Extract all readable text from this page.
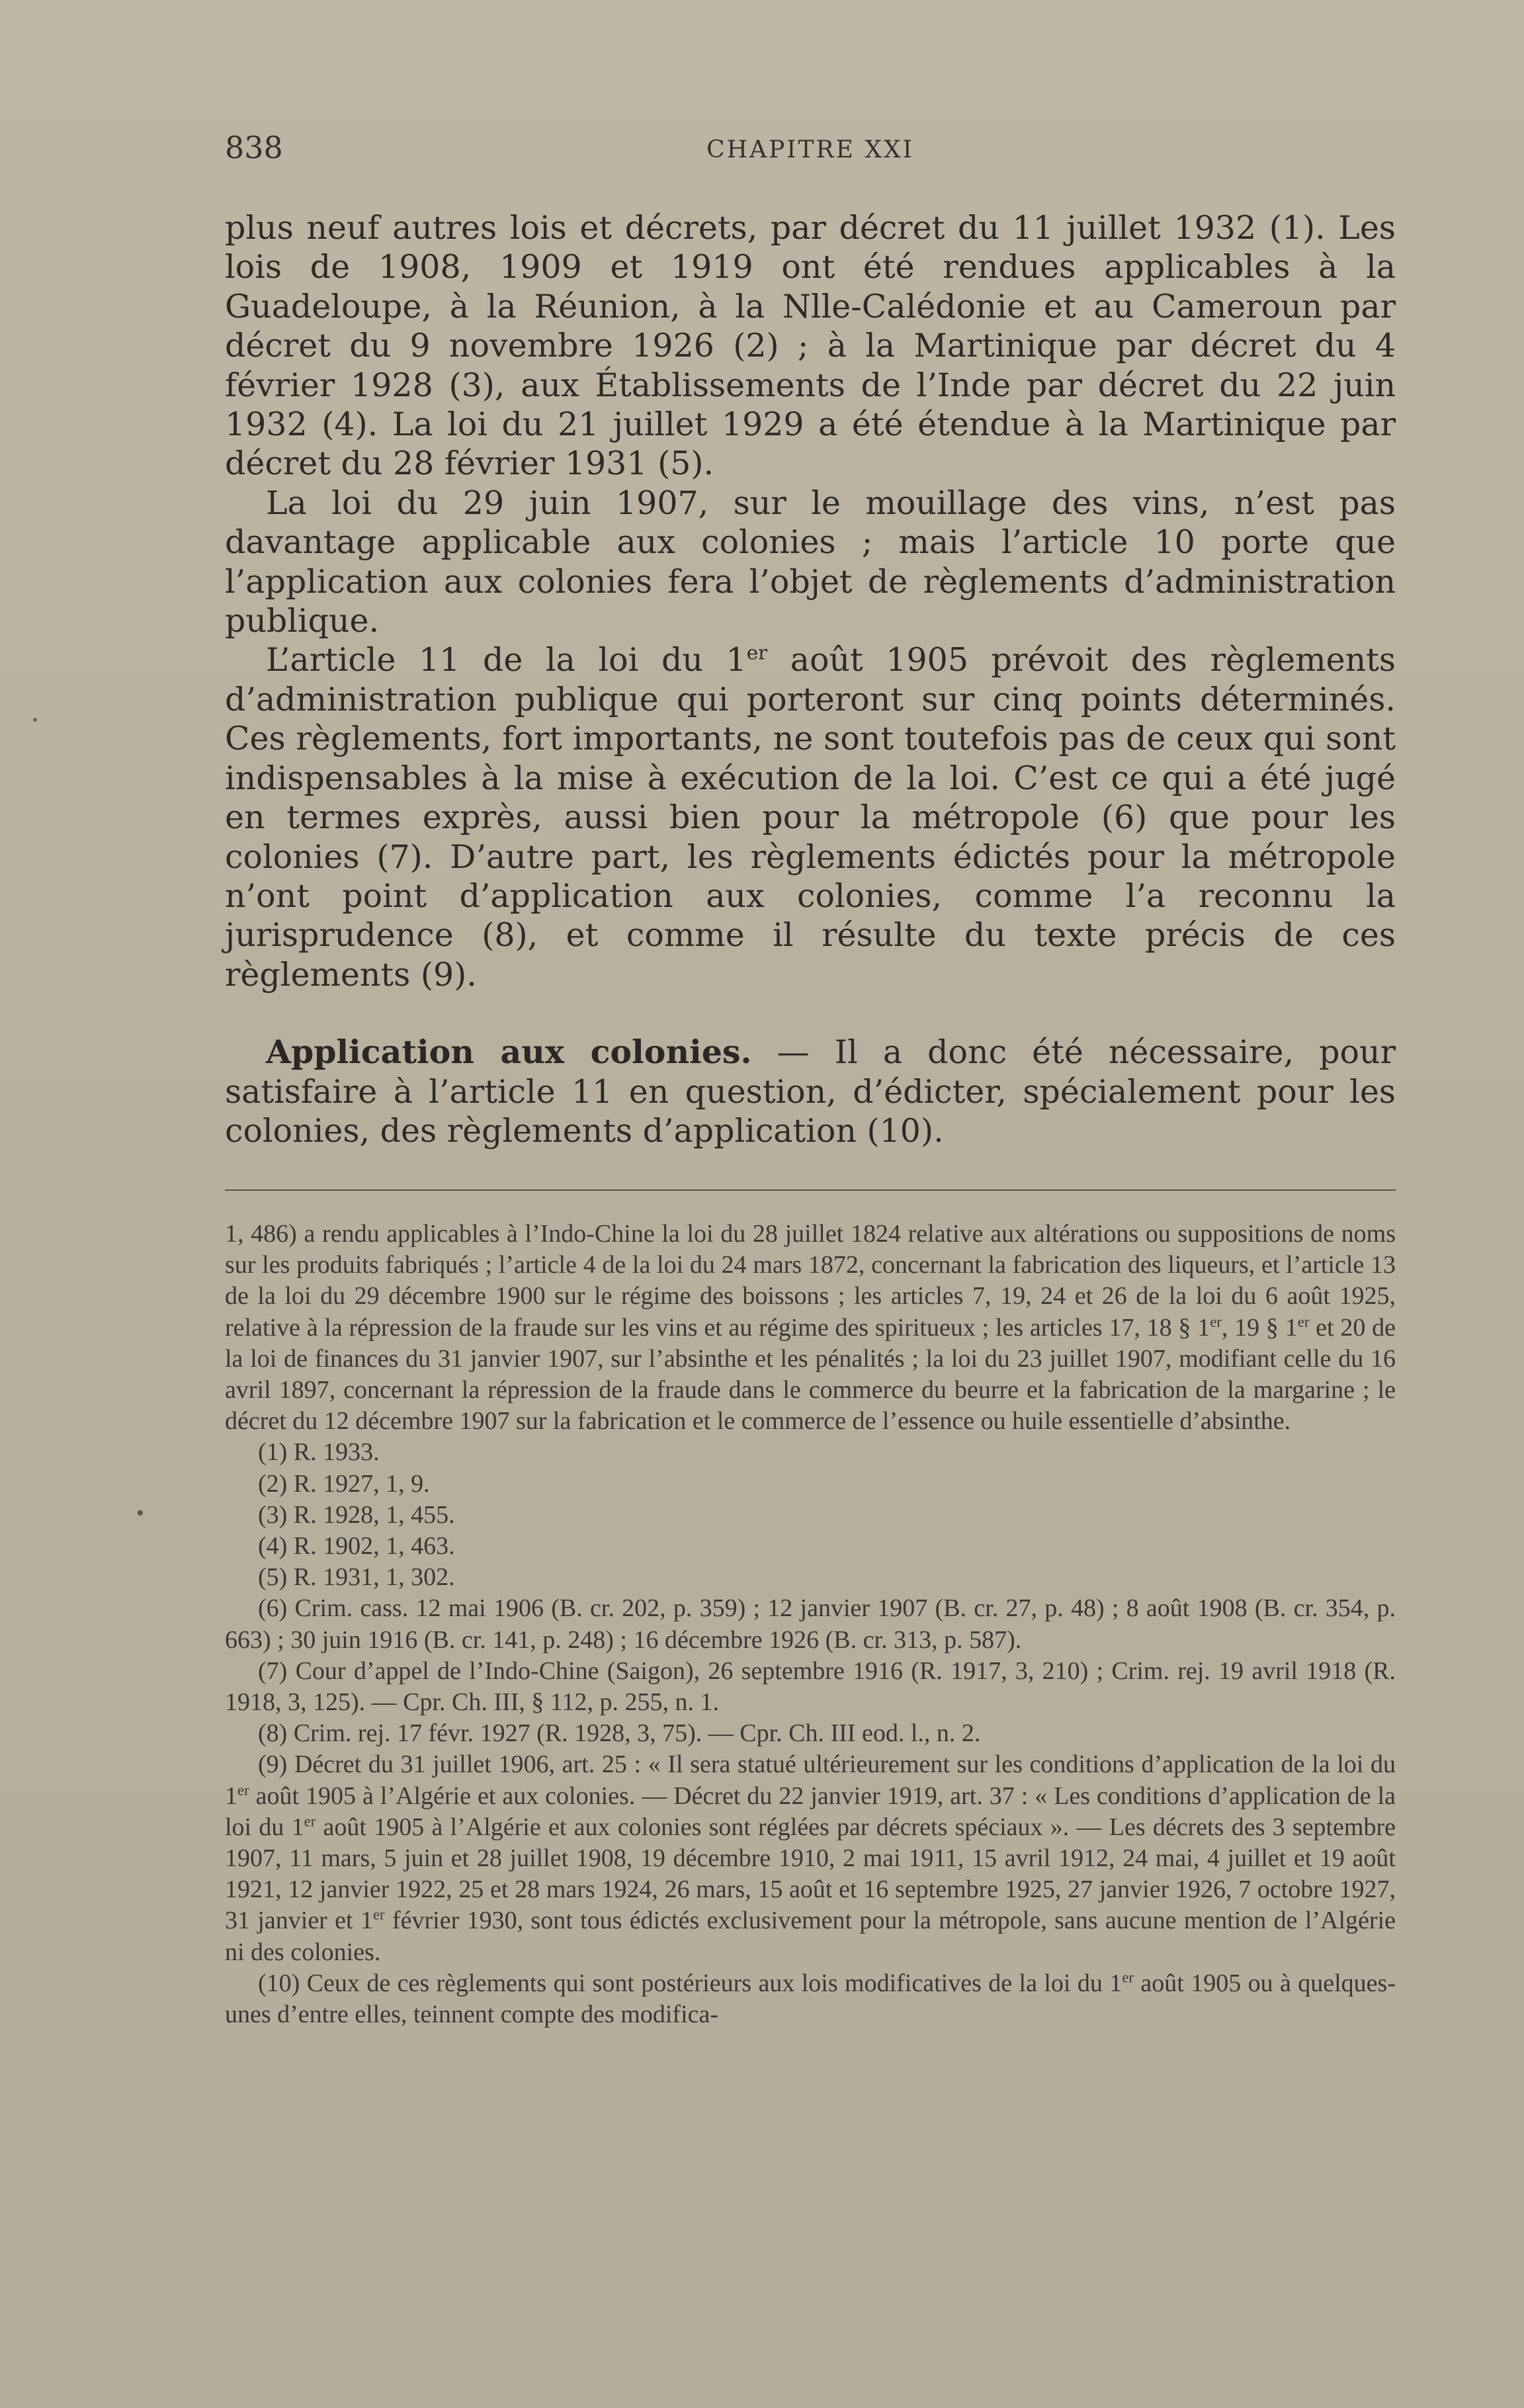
838	CHAPITRE XXI

plus neuf autres lois et décrets, par décret du 11 juillet 1932 (1). Les lois de 1908, 1909 et 1919 ont été rendues applicables à la Guadeloupe, à la Réunion, à la Nlle-Calédonie et au Cameroun par décret du 9 novembre 1926 (2) ; à la Martinique par décret du 4 février 1928 (3), aux Établissements de l’Inde par décret du 22 juin 1932 (4). La loi du 21 juillet 1929 a été étendue à la Martinique par décret du 28 février 1931 (5).

La loi du 29 juin 1907, sur le mouillage des vins, n’est pas davantage applicable aux colonies ; mais l’article 10 porte que l’application aux colonies fera l’objet de règlements d’administration publique.

L’article 11 de la loi du 1er août 1905 prévoit des règlements d’administration publique qui porteront sur cinq points déterminés. Ces règlements, fort importants, ne sont toutefois pas de ceux qui sont indispensables à la mise à exécution de la loi. C’est ce qui a été jugé en termes exprès, aussi bien pour la métropole (6) que pour les colonies (7). D’autre part, les règlements édictés pour la métropole n’ont point d’application aux colonies, comme l’a reconnu la jurisprudence (8), et comme il résulte du texte précis de ces règlements (9).

Application aux colonies. — Il a donc été nécessaire, pour satisfaire à l’article 11 en question, d’édicter, spécialement pour les colonies, des règlements d’application (10).

1, 486) a rendu applicables à l’Indo-Chine la loi du 28 juillet 1824 relative aux altérations ou suppositions de noms sur les produits fabriqués ; l’article 4 de la loi du 24 mars 1872, concernant la fabrication des liqueurs, et l’article 13 de la loi du 29 décembre 1900 sur le régime des boissons ; les articles 7, 19, 24 et 26 de la loi du 6 août 1925, relative à la répression de la fraude sur les vins et au régime des spiritueux ; les articles 17, 18 § 1er, 19 § 1er et 20 de la loi de finances du 31 janvier 1907, sur l’absinthe et les pénalités ; la loi du 23 juillet 1907, modifiant celle du 16 avril 1897, concernant la répression de la fraude dans le commerce du beurre et la fabrication de la margarine ; le décret du 12 décembre 1907 sur la fabrication et le commerce de l’essence ou huile essentielle d’absinthe.

(1) R. 1933.

(2) R. 1927, 1, 9.

(3) R. 1928, 1, 455.

(4) R. 1902, 1, 463.

(5) R. 1931, 1, 302.

(6) Crim. cass. 12 mai 1906 (B. cr. 202, p. 359) ; 12 janvier 1907 (B. cr. 27, p. 48) ; 8 août 1908 (B. cr. 354, p. 663) ; 30 juin 1916 (B. cr. 141, p. 248) ; 16 décembre 1926 (B. cr. 313, p. 587).

(7) Cour d’appel de l’Indo-Chine (Saigon), 26 septembre 1916 (R. 1917, 3, 210) ; Crim. rej. 19 avril 1918 (R. 1918, 3, 125). — Cpr. Ch. III, § 112, p. 255, n. 1.

(8) Crim. rej. 17 févr. 1927 (R. 1928, 3, 75). — Cpr. Ch. III eod. l., n. 2.

(9) Décret du 31 juillet 1906, art. 25 : « Il sera statué ultérieurement sur les conditions d’application de la loi du 1er août 1905 à l’Algérie et aux colonies. — Décret du 22 janvier 1919, art. 37 : « Les conditions d’application de la loi du 1er août 1905 à l’Algérie et aux colonies sont réglées par décrets spéciaux ». — Les décrets des 3 septembre 1907, 11 mars, 5 juin et 28 juillet 1908, 19 décembre 1910, 2 mai 1911, 15 avril 1912, 24 mai, 4 juillet et 19 août 1921, 12 janvier 1922, 25 et 28 mars 1924, 26 mars, 15 août et 16 septembre 1925, 27 janvier 1926, 7 octobre 1927, 31 janvier et 1er février 1930, sont tous édictés exclusivement pour la métropole, sans aucune mention de l’Algérie ni des colonies.

(10) Ceux de ces règlements qui sont postérieurs aux lois modificatives de la loi du 1er août 1905 ou à quelques-unes d’entre elles, teinnent compte des modifica-
